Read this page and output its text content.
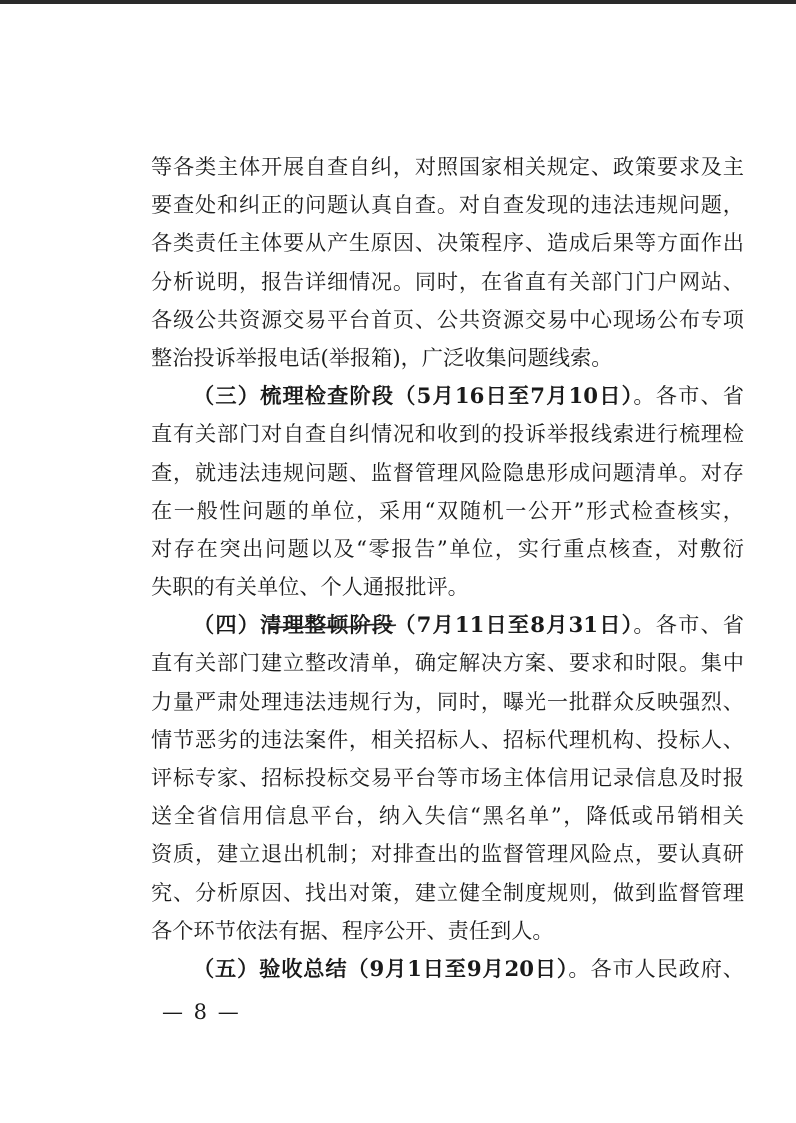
等各类主体开展自查自纠，对照国家相关规定、政策要求及主
要查处和纠正的问题认真自查。对自查发现的违法违规问题，
各类责任主体要从产生原因、决策程序、造成后果等方面作出
分析说明，报告详细情况。同时，在省直有关部门门户网站、
各级公共资源交易平台首页、公共资源交易中心现场公布专项
整治投诉举报电话(举报箱)，广泛收集问题线索。
（三）梳理检查阶段（5月16日至7月10日）。各市、省
直有关部门对自查自纠情况和收到的投诉举报线索进行梳理检
查，就违法违规问题、监督管理风险隐患形成问题清单。对存
在一般性问题的单位，采用“双随机一公开”形式检查核实，
对存在突出问题以及“零报告”单位，实行重点核查，对敷衍
失职的有关单位、个人通报批评。
（四）清理整顿阶段（7月11日至8月31日）。各市、省
直有关部门建立整改清单，确定解决方案、要求和时限。集中
力量严肃处理违法违规行为，同时，曝光一批群众反映强烈、
情节恶劣的违法案件，相关招标人、招标代理机构、投标人、
评标专家、招标投标交易平台等市场主体信用记录信息及时报
送全省信用信息平台，纳入失信“黑名单”，降低或吊销相关
资质，建立退出机制；对排查出的监督管理风险点，要认真研
究、分析原因、找出对策，建立健全制度规则，做到监督管理
各个环节依法有据、程序公开、责任到人。
（五）验收总结（9月1日至9月20日）。各市人民政府、
— 8 —
